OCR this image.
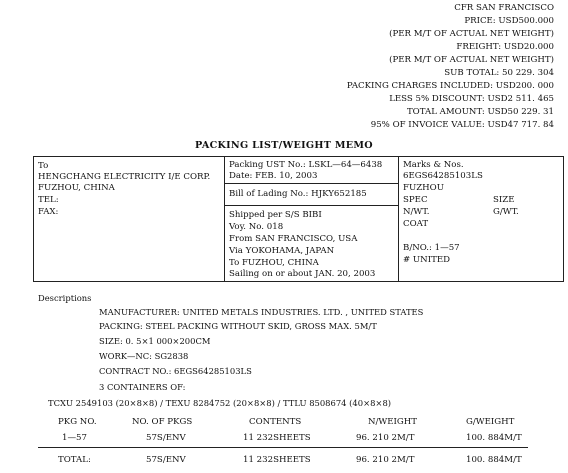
CFR SAN FRANCISCO
PRICE: USD500.000
(PER M/T OF ACTUAL NET WEIGHT)
FREIGHT: USD20.000
(PER M/T OF ACTUAL NET WEIGHT)
SUB TOTAL: 50 229. 304
PACKING CHARGES INCLUDED: USD200. 000
LESS 5% DISCOUNT: USD2 511. 465
TOTAL AMOUNT: USD50 229. 31
95% OF INVOICE VALUE: USD47 717. 84
PACKING LIST/WEIGHT MEMO
To
HENGCHANG ELECTRICITY I/E CORP.
FUZHOU, CHINA
TEL:
FAX:
Packing UST No.: LSKL—64—6438
Date: FEB. 10, 2003
Bill of Lading No.: HJKY652185
Shipped per S/S BIBI
Voy. No. 018
From SAN FRANCISCO, USA
Via YOKOHAMA, JAPAN
To FUZHOU, CHINA
Sailing on or about JAN. 20, 2003
Marks & Nos.
6EGS64285103LS
FUZHOU
SPEC	SIZE
N/WT.	G/WT.
COAT
B/NO.: 1—57
# UNITED
Descriptions
MANUFACTURER: UNITED METALS INDUSTRIES. LTD. , UNITED STATES
PACKING: STEEL PACKING WITHOUT SKID, GROSS MAX. 5M/T
SIZE: 0. 5×1 000×200CM
WORK—NC: SG2838
CONTRACT NO.: 6EGS64285103LS
3 CONTAINERS OF:
TCXU 2549103 (20×8×8) / TEXU 8284752 (20×8×8) / TTLU 8508674 (40×8×8)
PKG NO.	NO. OF PKGS	CONTENTS	N/WEIGHT	G/WEIGHT
1—57	57S/ENV	11 232SHEETS	96. 210 2M/T	100. 884M/T
TOTAL:	57S/ENV	11 232SHEETS	96. 210 2M/T	100. 884M/T
